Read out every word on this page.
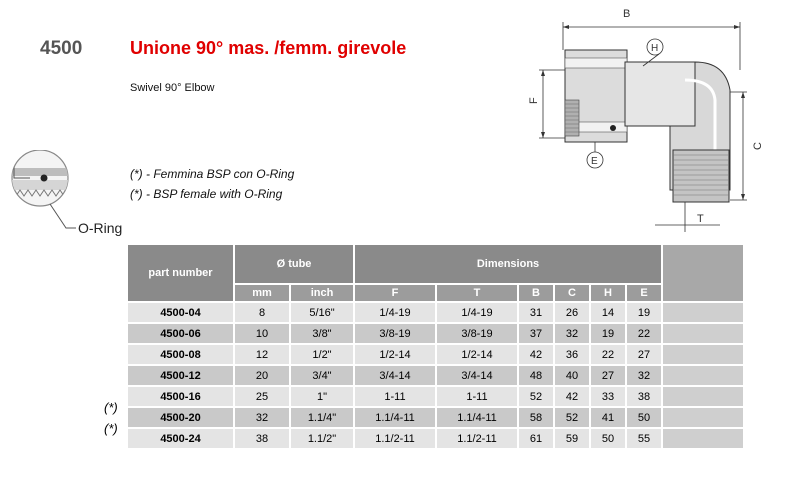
4500	Unione 90° mas. /femm. girevole
Swivel 90° Elbow
(*) - Femmina BSP con O-Ring
(*) - BSP female with O-Ring
O-Ring
B
H
F
E
C
T
(*)
(*)
part number	Ø tube		Dimensions						
	mm	inch	F	T	B	C	H	E	
4500-04	8	5/16"	1/4-19	1/4-19	31	26	14	19	
4500-06	10	3/8"	3/8-19	3/8-19	37	32	19	22	
4500-08	12	1/2"	1/2-14	1/2-14	42	36	22	27	
4500-12	20	3/4"	3/4-14	3/4-14	48	40	27	32	
4500-16	25	1"	1-11	1-11	52	42	33	38	
4500-20	32	1.1/4"	1.1/4-11	1.1/4-11	58	52	41	50	
4500-24	38	1.1/2"	1.1/2-11	1.1/2-11	61	59	50	55	
